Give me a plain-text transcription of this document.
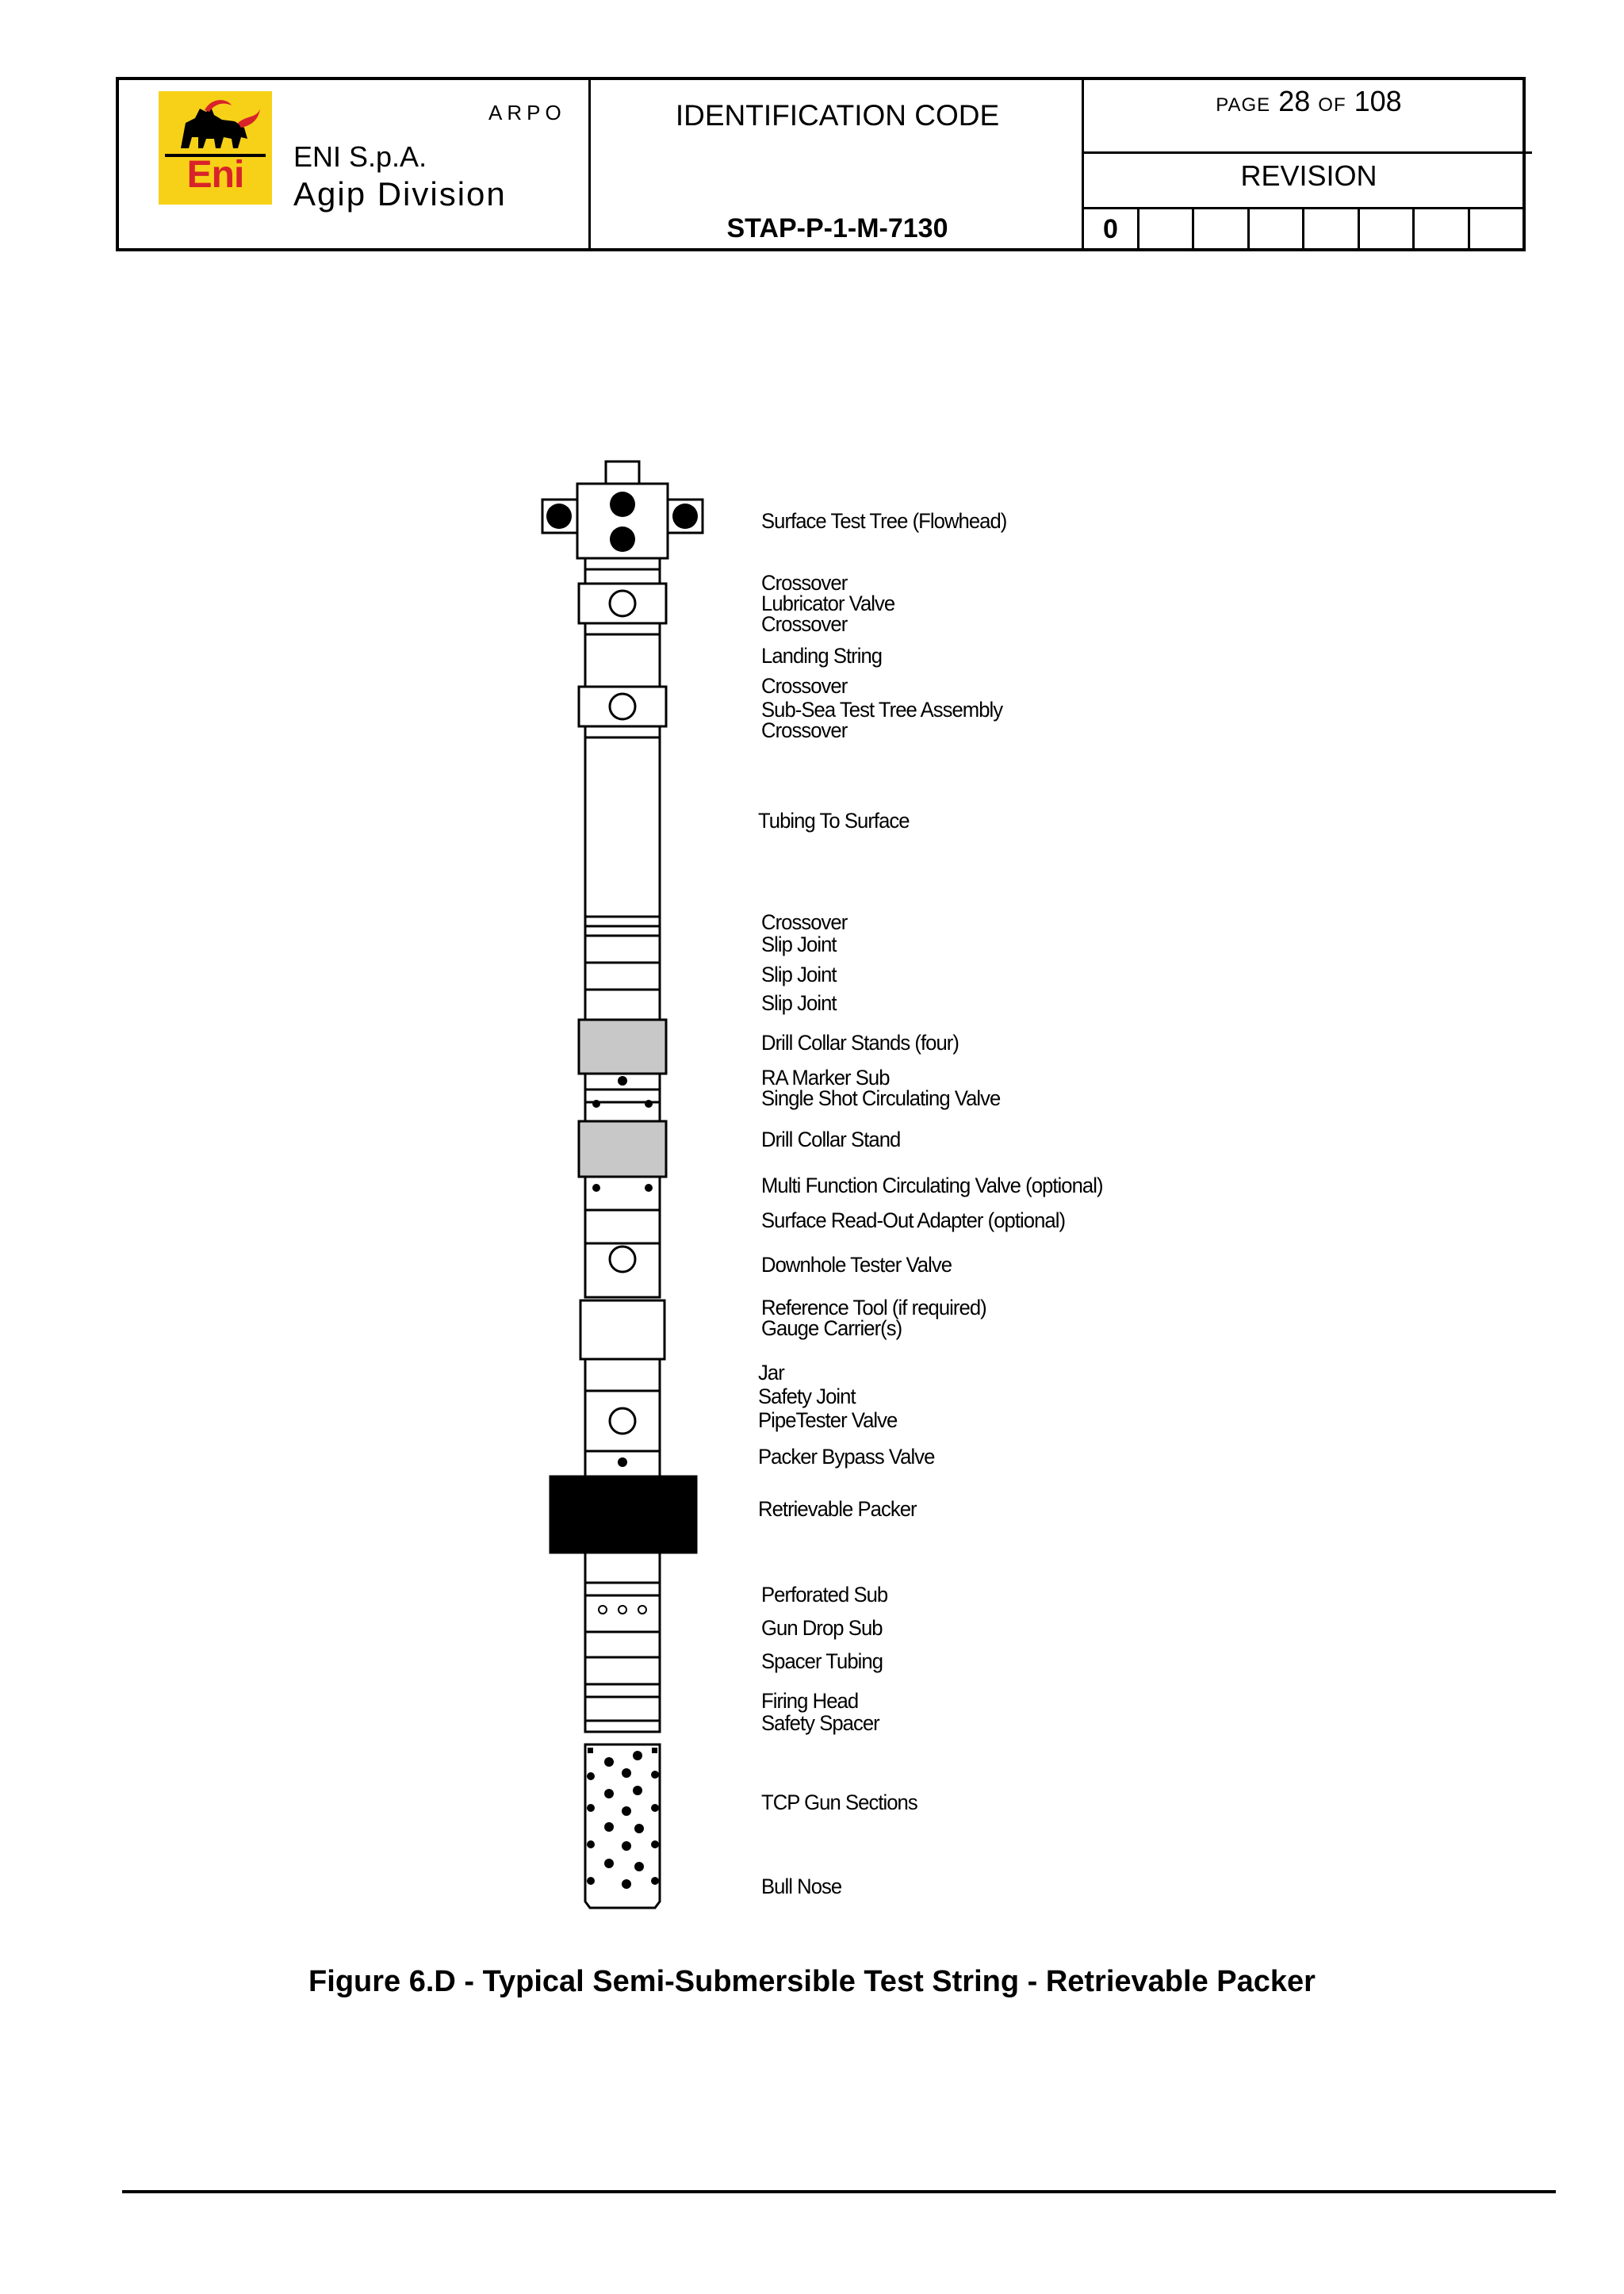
Eni
ARPO
ENI S.p.A.
Agip Division
IDENTIFICATION CODE
STAP-P-1-M-7130
PAGE 28 OF 108
REVISION
0
Surface Test Tree (Flowhead)
Crossover
Lubricator Valve
Crossover
Landing String
Crossover
Sub-Sea Test Tree Assembly
Crossover
Tubing To Surface
Crossover
Slip Joint
Slip Joint
Slip Joint
Drill Collar Stands (four)
RA Marker Sub
Single Shot Circulating Valve
Drill Collar Stand
Multi Function Circulating Valve (optional)
Surface Read-Out Adapter (optional)
Downhole Tester Valve
Reference Tool (if required)
Gauge Carrier(s)
Jar
Safety Joint
PipeTester Valve
Packer Bypass Valve
Retrievable Packer
Perforated Sub
Gun Drop Sub
Spacer Tubing
Firing Head
Safety Spacer
TCP Gun Sections
Bull Nose
Figure 6.D - Typical Semi-Submersible Test String - Retrievable Packer
